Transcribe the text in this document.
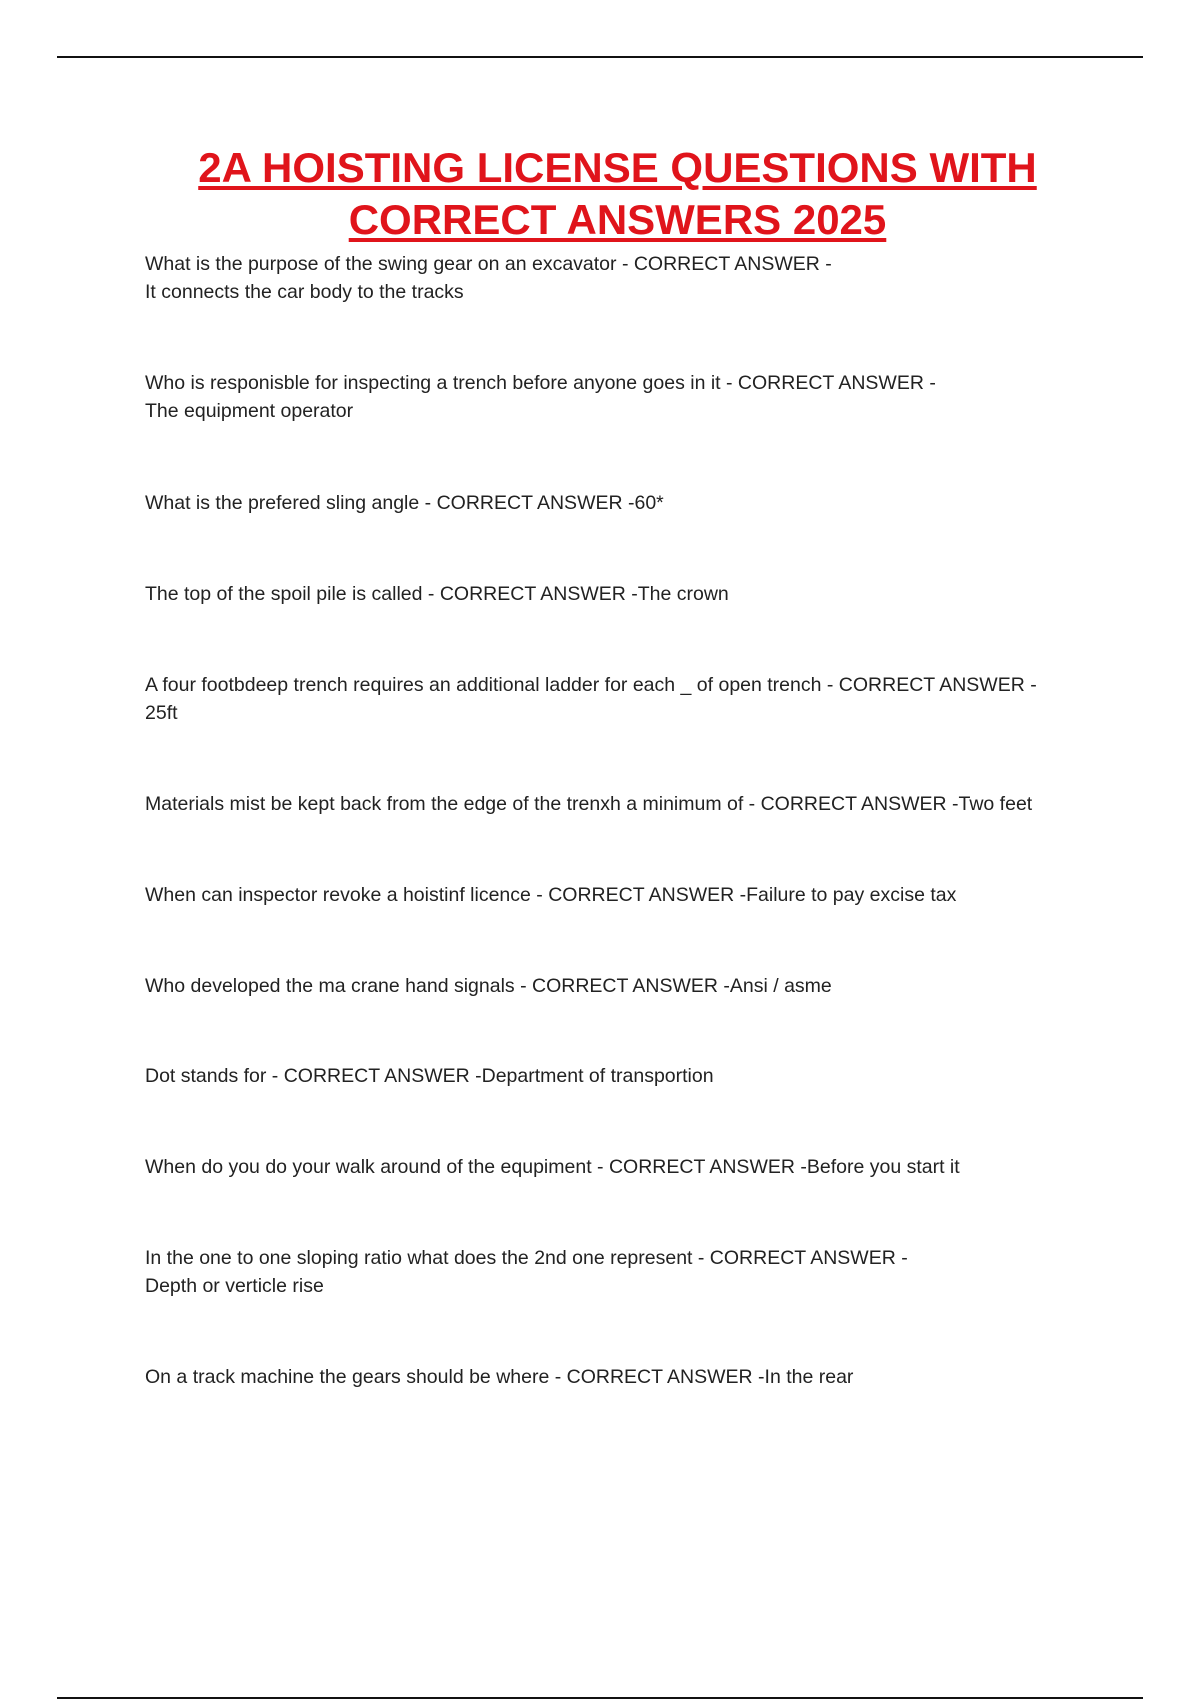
2A HOISTING LICENSE QUESTIONS WITH
CORRECT ANSWERS 2025
What is the purpose of the swing gear on an excavator - CORRECT ANSWER -
It connects the car body to the tracks
Who is responisble for inspecting a trench before anyone goes in it - CORRECT ANSWER -
The equipment operator
What is the prefered sling angle - CORRECT ANSWER -60*
The top of the spoil pile is called - CORRECT ANSWER -The crown
A four footbdeep trench requires an additional ladder for each _ of open trench - CORRECT ANSWER -
25ft
Materials mist be kept back from the edge of the trenxh a minimum of - CORRECT ANSWER -Two feet
When can inspector revoke a hoistinf licence - CORRECT ANSWER -Failure to pay excise tax
Who developed the ma crane hand signals - CORRECT ANSWER -Ansi / asme
Dot stands for - CORRECT ANSWER -Department of transportion
When do you do your walk around of the equpiment - CORRECT ANSWER -Before you start it
In the one to one sloping ratio what does the 2nd one represent - CORRECT ANSWER -
Depth or verticle rise
On a track machine the gears should be where - CORRECT ANSWER -In the rear
